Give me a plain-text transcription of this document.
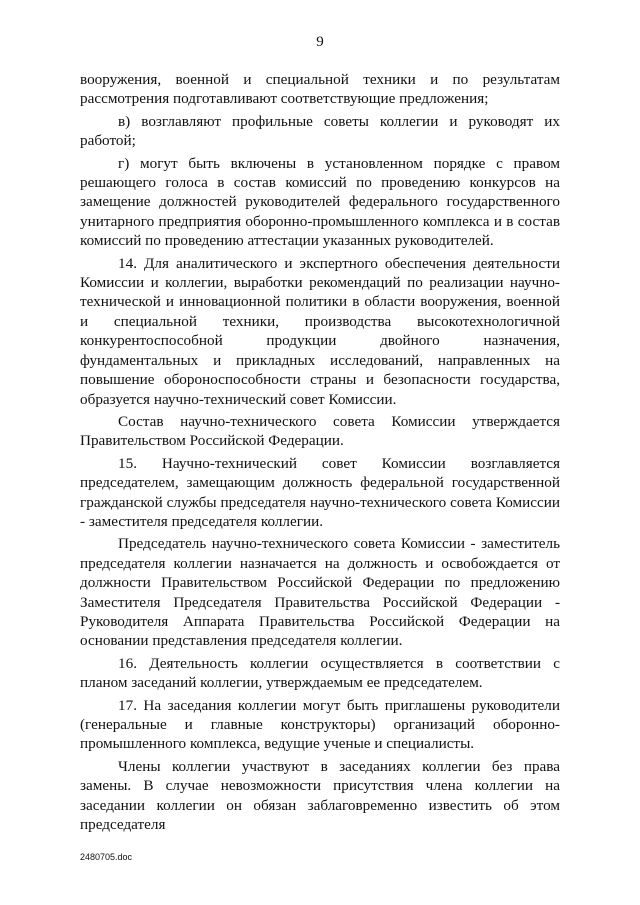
9

вооружения, военной и специальной техники и по результатам рассмотрения подготавливают соответствующие предложения;

в) возглавляют профильные советы коллегии и руководят их работой;

г) могут быть включены в установленном порядке с правом решающего голоса в состав комиссий по проведению конкурсов на замещение должностей руководителей федерального государственного унитарного предприятия оборонно-промышленного комплекса и в состав комиссий по проведению аттестации указанных руководителей.

14. Для аналитического и экспертного обеспечения деятельности Комиссии и коллегии, выработки рекомендаций по реализации научно-технической и инновационной политики в области вооружения, военной и специальной техники, производства высокотехнологичной конкурентоспособной продукции двойного назначения, фундаментальных и прикладных исследований, направленных на повышение обороноспособности страны и безопасности государства, образуется научно-технический совет Комиссии.

Состав научно-технического совета Комиссии утверждается Правительством Российской Федерации.

15. Научно-технический совет Комиссии возглавляется председателем, замещающим должность федеральной государственной гражданской службы председателя научно-технического совета Комиссии - заместителя председателя коллегии.

Председатель научно-технического совета Комиссии - заместитель председателя коллегии назначается на должность и освобождается от должности Правительством Российской Федерации по предложению Заместителя Председателя Правительства Российской Федерации - Руководителя Аппарата Правительства Российской Федерации на основании представления председателя коллегии.

16. Деятельность коллегии осуществляется в соответствии с планом заседаний коллегии, утверждаемым ее председателем.

17. На заседания коллегии могут быть приглашены руководители (генеральные и главные конструкторы) организаций оборонно-промышленного комплекса, ведущие ученые и специалисты.

Члены коллегии участвуют в заседаниях коллегии без права замены. В случае невозможности присутствия члена коллегии на заседании коллегии он обязан заблаговременно известить об этом председателя

2480705.doc
